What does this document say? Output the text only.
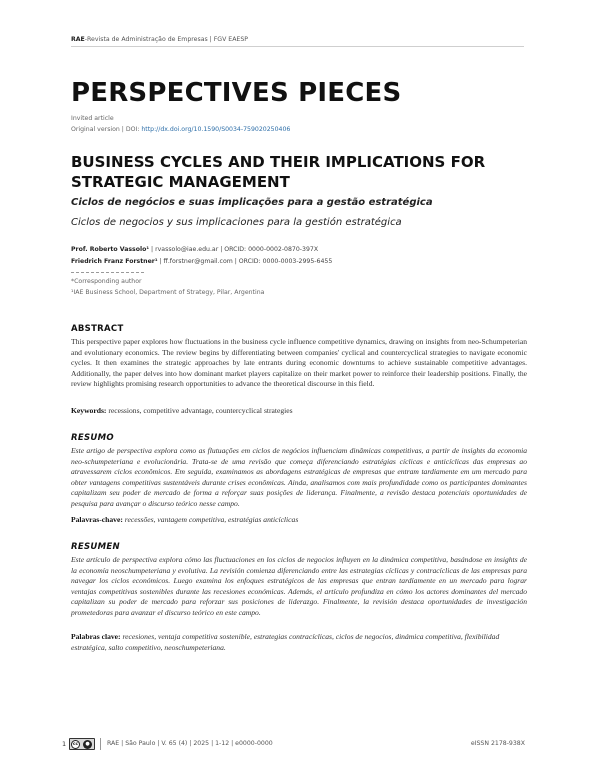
RAE-Revista de Administração de Empresas | FGV EAESP
PERSPECTIVES PIECES
Invited article
Original version | DOI: http://dx.doi.org/10.1590/S0034-759020250406
BUSINESS CYCLES AND THEIR IMPLICATIONS FOR STRATEGIC MANAGEMENT
Ciclos de negócios e suas implicações para a gestão estratégica
Ciclos de negocios y sus implicaciones para la gestión estratégica
Prof. Roberto Vassolo¹ | rvassolo@iae.edu.ar | ORCID: 0000-0002-0870-397X
Friedrich Franz Forstner¹ | ff.forstner@gmail.com | ORCID: 0000-0003-2995-6455
*Corresponding author
¹IAE Business School, Department of Strategy, Pilar, Argentina
ABSTRACT

This perspective paper explores how fluctuations in the business cycle influence competitive dynamics, drawing on insights from neo-Schumpeterian and evolutionary economics. The review begins by differentiating between companies' cyclical and countercyclical strategies to navigate economic cycles. It then examines the strategic approaches by late entrants during economic downturns to achieve sustainable competitive advantages. Additionally, the paper delves into how dominant market players capitalize on their market power to reinforce their leadership positions. Finally, the review highlights promising research opportunities to advance the theoretical discourse in this field.

Keywords: recessions, competitive advantage, countercyclical strategies

RESUMO

Este artigo de perspectiva explora como as flutuações em ciclos de negócios influenciam dinâmicas competitivas, a partir de insights da economia neo-schumpeteriana e evolucionária. Trata-se de uma revisão que começa diferenciando estratégias cíclicas e anticíclicas das empresas ao atravessarem ciclos econômicos. Em seguida, examinamos as abordagens estratégicas de empresas que entram tardiamente em um mercado para obter vantagens competitivas sustentáveis durante crises econômicas. Ainda, analisamos com mais profundidade como os participantes dominantes capitalizam seu poder de mercado de forma a reforçar suas posições de liderança. Finalmente, a revisão destaca potenciais oportunidades de pesquisa para avançar o discurso teórico nesse campo.

Palavras-chave: recessões, vantagem competitiva, estratégias anticíclicas

RESUMEN

Este artículo de perspectiva explora cómo las fluctuaciones en los ciclos de negocios influyen en la dinámica competitiva, basándose en insights de la economía neoschumpeteriana y evolutiva. La revisión comienza diferenciando entre las estrategias cíclicas y contracíclicas de las empresas para navegar los ciclos económicos. Luego examina los enfoques estratégicos de las empresas que entran tardíamente en un mercado para lograr ventajas competitivas sostenibles durante las recesiones económicas. Además, el artículo profundiza en cómo los actores dominantes del mercado capitalizan su poder de mercado para reforzar sus posiciones de liderazgo. Finalmente, la revisión destaca oportunidades de investigación prometedoras para avanzar el discurso teórico en este campo.

Palabras clave: recesiones, ventaja competitiva sostenible, estrategias contracíclicas, ciclos de negocios, dinámica competitiva, flexibilidad estratégica, salto competitivo, neoschumpeteriana.

1	cc	●	RAE | São Paulo | V. 65 (4) | 2025 | 1-12 | e0000-0000	eISSN 2178-938X
